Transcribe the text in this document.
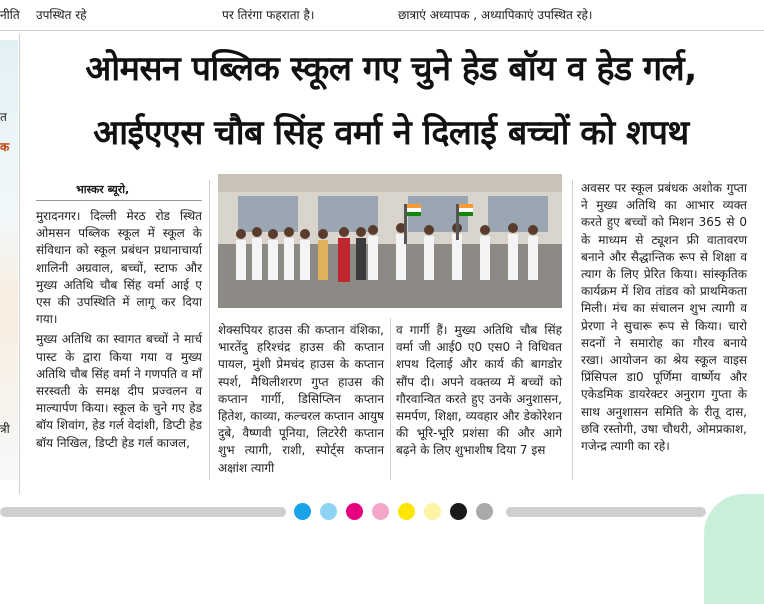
नीति उपस्थित रहे	पर तिरंगा फहराता है।	छात्राएं अध्यापक , अध्यापिकाएं उपस्थित रहे।
त
क
त्री
ओमसन पब्लिक स्कूल गए चुने हेड बॉय व हेड गर्ल,
आईएएस चौब सिंह वर्मा ने दिलाई बच्चों को शपथ
भास्कर ब्यूरो,

मुरादनगर। दिल्ली मेरठ रोड स्थित ओमसन पब्लिक स्कूल में स्कूल के संविधान को स्कूल प्रबंधन प्रधानाचार्या शालिनी अग्रवाल, बच्चों, स्टाफ और मुख्य अतिथि चौब सिंह वर्मा आई ए एस की उपस्थिति में लागू कर दिया गया।

मुख्य अतिथि का स्वागत बच्चों ने मार्च पास्ट के द्वारा किया गया व मुख्य अतिथि चौब सिंह वर्मा ने गणपति व माँ सरस्वती के समक्ष दीप प्रज्वलन व माल्यार्पण किया। स्कूल के चुने गए हेड बॉय शिवांग, हेड गर्ल वेदांशी, डिप्टी हेड बॉय निखिल, डिप्टी हेड गर्ल काजल,

शेक्सपियर हाउस की कप्तान वंशिका, भारतेंदु हरिश्चंद्र हाउस की कप्तान पायल, मुंशी प्रेमचंद हाउस के कप्तान स्पर्श, मैथिलीशरण गुप्त हाउस की कप्तान गार्गी, डिसिप्लिन कप्तान हितेश, काव्या, कल्चरल कप्तान आयुष दुबे, वैष्णवी पूनिया, लिटरेरी कप्तान शुभ त्यागी, राशी, स्पोर्ट्स कप्तान अक्षांश त्यागी
व गार्गी हैं। मुख्य अतिथि चौब सिंह वर्मा जी आई0 ए0 एस0 ने विधिवत शपथ दिलाई और कार्य की बागडोर सौंप दी। अपने वक्तव्य में बच्चों को गौरवान्वित करते हुए उनके अनुशासन, समर्पण, शिक्षा, व्यवहार और डेकोरेशन की भूरि-भूरि प्रशंसा की और आगे बढ़ने के लिए शुभाशीष दिया 7 इस
अवसर पर स्कूल प्रबंधक अशोक गुप्ता ने मुख्य अतिथि का आभार व्यक्त करते हुए बच्चों को मिशन 365 से 0 के माध्यम से ट्यूशन फ्री वातावरण बनाने और सैद्धान्तिक रूप से शिक्षा व त्याग के लिए प्रेरित किया। सांस्कृतिक कार्यक्रम में शिव तांडव को प्राथमिकता मिली। मंच का संचालन शुभ त्यागी व प्रेरणा ने सुचारू रूप से किया। चारो सदनों ने समारोह का गौरव बनाये रखा। आयोजन का श्रेय स्कूल वाइस प्रिंसिपल डा0 पूर्णिमा वार्ष्णेय और एकेडमिक डायरेक्टर अनुराग गुप्ता के साथ अनुशासन समिति के रीतू दास, छवि रस्तोगी, उषा चौधरी, ओमप्रकाश, गजेन्द्र त्यागी का रहे।
